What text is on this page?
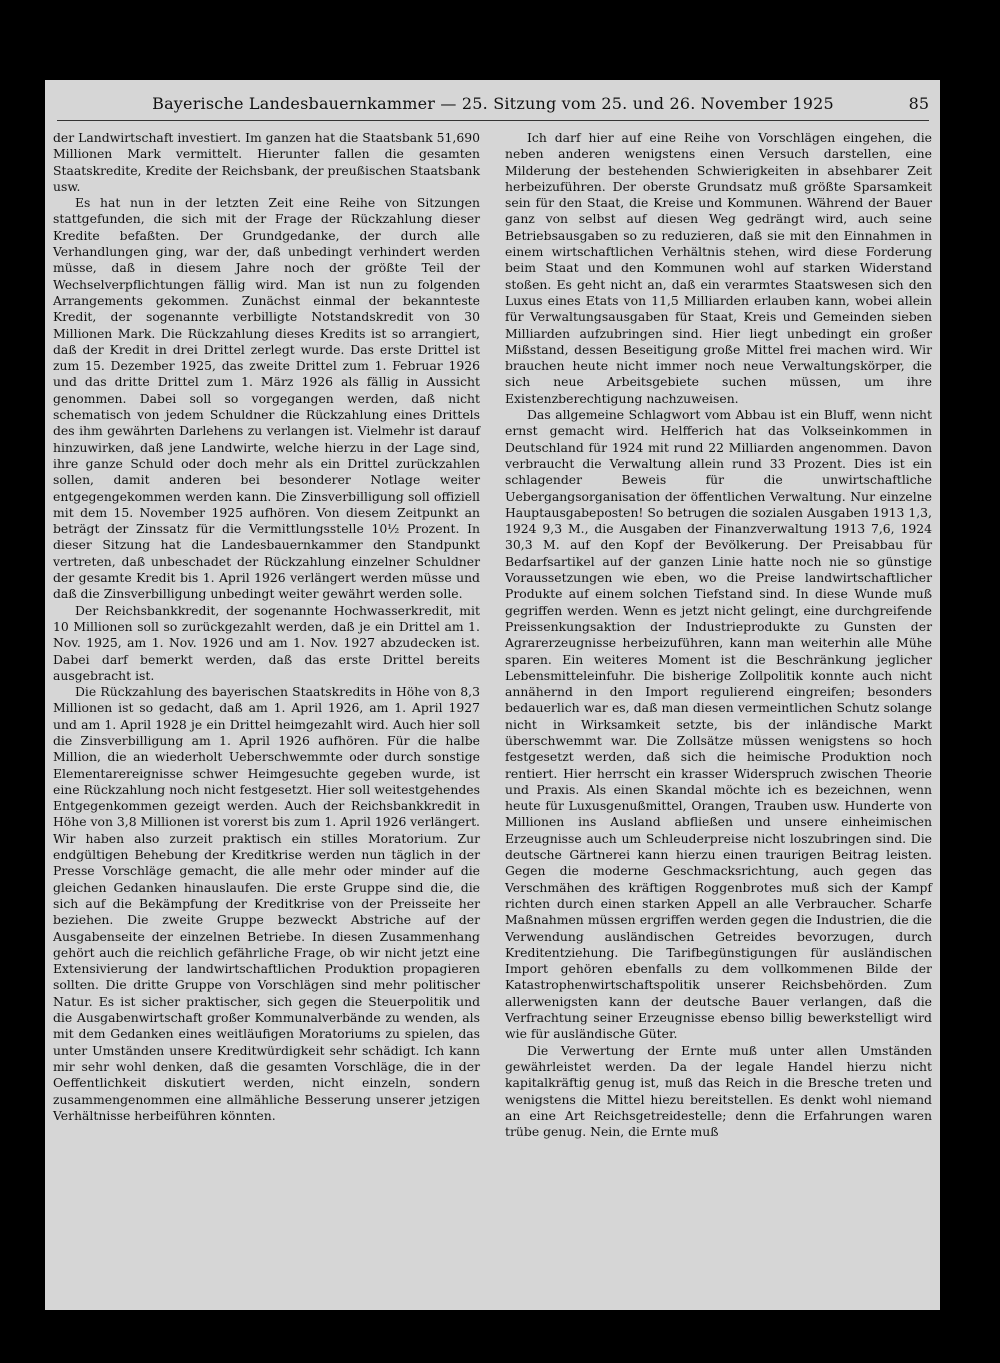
Bayerische Landesbauernkammer — 25. Sitzung vom 25. und 26. November 1925	85

der Landwirtschaft investiert. Im ganzen hat die Staatsbank 51,690 Millionen Mark vermittelt. Hierunter fallen die gesamten Staatskredite, Kredite der Reichsbank, der preußischen Staatsbank usw.

Es hat nun in der letzten Zeit eine Reihe von Sitzungen stattgefunden, die sich mit der Frage der Rückzahlung dieser Kredite befaßten. Der Grundgedanke, der durch alle Verhandlungen ging, war der, daß unbedingt verhindert werden müsse, daß in diesem Jahre noch der größte Teil der Wechselverpflichtungen fällig wird. Man ist nun zu folgenden Arrangements gekommen. Zunächst einmal der bekannteste Kredit, der sogenannte verbilligte Notstandskredit von 30 Millionen Mark. Die Rückzahlung dieses Kredits ist so arrangiert, daß der Kredit in drei Drittel zerlegt wurde. Das erste Drittel ist zum 15. Dezember 1925, das zweite Drittel zum 1. Februar 1926 und das dritte Drittel zum 1. März 1926 als fällig in Aussicht genommen. Dabei soll so vorgegangen werden, daß nicht schematisch von jedem Schuldner die Rückzahlung eines Drittels des ihm gewährten Darlehens zu verlangen ist. Vielmehr ist darauf hinzuwirken, daß jene Landwirte, welche hierzu in der Lage sind, ihre ganze Schuld oder doch mehr als ein Drittel zurückzahlen sollen, damit anderen bei besonderer Notlage weiter entgegengekommen werden kann. Die Zinsverbilligung soll offiziell mit dem 15. November 1925 aufhören. Von diesem Zeitpunkt an beträgt der Zinssatz für die Vermittlungsstelle 10½ Prozent. In dieser Sitzung hat die Landesbauernkammer den Standpunkt vertreten, daß unbeschadet der Rückzahlung einzelner Schuldner der gesamte Kredit bis 1. April 1926 verlängert werden müsse und daß die Zinsverbilligung unbedingt weiter gewährt werden solle.

Der Reichsbankkredit, der sogenannte Hochwasserkredit, mit 10 Millionen soll so zurückgezahlt werden, daß je ein Drittel am 1. Nov. 1925, am 1. Nov. 1926 und am 1. Nov. 1927 abzudecken ist. Dabei darf bemerkt werden, daß das erste Drittel bereits ausgebracht ist.

Die Rückzahlung des bayerischen Staatskredits in Höhe von 8,3 Millionen ist so gedacht, daß am 1. April 1926, am 1. April 1927 und am 1. April 1928 je ein Drittel heimgezahlt wird. Auch hier soll die Zinsverbilligung am 1. April 1926 aufhören. Für die halbe Million, die an wiederholt Ueberschwemmte oder durch sonstige Elementarereignisse schwer Heimgesuchte gegeben wurde, ist eine Rückzahlung noch nicht festgesetzt. Hier soll weitestgehendes Entgegenkommen gezeigt werden. Auch der Reichsbankkredit in Höhe von 3,8 Millionen ist vorerst bis zum 1. April 1926 verlängert. Wir haben also zurzeit praktisch ein stilles Moratorium. Zur endgültigen Behebung der Kreditkrise werden nun täglich in der Presse Vorschläge gemacht, die alle mehr oder minder auf die gleichen Gedanken hinauslaufen. Die erste Gruppe sind die, die sich auf die Bekämpfung der Kreditkrise von der Preisseite her beziehen. Die zweite Gruppe bezweckt Abstriche auf der Ausgabenseite der einzelnen Betriebe. In diesen Zusammenhang gehört auch die reichlich gefährliche Frage, ob wir nicht jetzt eine Extensivierung der landwirtschaftlichen Produktion propagieren sollten. Die dritte Gruppe von Vorschlägen sind mehr politischer Natur. Es ist sicher praktischer, sich gegen die Steuerpolitik und die Ausgabenwirtschaft großer Kommunalverbände zu wenden, als mit dem Gedanken eines weitläufigen Moratoriums zu spielen, das unter Umständen unsere Kreditwürdigkeit sehr schädigt. Ich kann mir sehr wohl denken, daß die gesamten Vorschläge, die in der Oeffentlichkeit diskutiert werden, nicht einzeln, sondern zusammengenommen eine allmähliche Besserung unserer jetzigen Verhältnisse herbeiführen könnten.

Ich darf hier auf eine Reihe von Vorschlägen eingehen, die neben anderen wenigstens einen Versuch darstellen, eine Milderung der bestehenden Schwierigkeiten in absehbarer Zeit herbeizuführen. Der oberste Grundsatz muß größte Sparsamkeit sein für den Staat, die Kreise und Kommunen. Während der Bauer ganz von selbst auf diesen Weg gedrängt wird, auch seine Betriebsausgaben so zu reduzieren, daß sie mit den Einnahmen in einem wirtschaftlichen Verhältnis stehen, wird diese Forderung beim Staat und den Kommunen wohl auf starken Widerstand stoßen. Es geht nicht an, daß ein verarmtes Staatswesen sich den Luxus eines Etats von 11,5 Milliarden erlauben kann, wobei allein für Verwaltungsausgaben für Staat, Kreis und Gemeinden sieben Milliarden aufzubringen sind. Hier liegt unbedingt ein großer Mißstand, dessen Beseitigung große Mittel frei machen wird. Wir brauchen heute nicht immer noch neue Verwaltungskörper, die sich neue Arbeitsgebiete suchen müssen, um ihre Existenzberechtigung nachzuweisen.

Das allgemeine Schlagwort vom Abbau ist ein Bluff, wenn nicht ernst gemacht wird. Helfferich hat das Volkseinkommen in Deutschland für 1924 mit rund 22 Milliarden angenommen. Davon verbraucht die Verwaltung allein rund 33 Prozent. Dies ist ein schlagender Beweis für die unwirtschaftliche Uebergangsorganisation der öffentlichen Verwaltung. Nur einzelne Hauptausgabeposten! So betrugen die sozialen Ausgaben 1913 1,3, 1924 9,3 M., die Ausgaben der Finanzverwaltung 1913 7,6, 1924 30,3 M. auf den Kopf der Bevölkerung. Der Preisabbau für Bedarfsartikel auf der ganzen Linie hatte noch nie so günstige Voraussetzungen wie eben, wo die Preise landwirtschaftlicher Produkte auf einem solchen Tiefstand sind. In diese Wunde muß gegriffen werden. Wenn es jetzt nicht gelingt, eine durchgreifende Preissenkungsaktion der Industrieprodukte zu Gunsten der Agrarerzeugnisse herbeizuführen, kann man weiterhin alle Mühe sparen. Ein weiteres Moment ist die Beschränkung jeglicher Lebensmitteleinfuhr. Die bisherige Zollpolitik konnte auch nicht annähernd in den Import regulierend eingreifen; besonders bedauerlich war es, daß man diesen vermeintlichen Schutz solange nicht in Wirksamkeit setzte, bis der inländische Markt überschwemmt war. Die Zollsätze müssen wenigstens so hoch festgesetzt werden, daß sich die heimische Produktion noch rentiert. Hier herrscht ein krasser Widerspruch zwischen Theorie und Praxis. Als einen Skandal möchte ich es bezeichnen, wenn heute für Luxusgenußmittel, Orangen, Trauben usw. Hunderte von Millionen ins Ausland abfließen und unsere einheimischen Erzeugnisse auch um Schleuderpreise nicht loszubringen sind. Die deutsche Gärtnerei kann hierzu einen traurigen Beitrag leisten. Gegen die moderne Geschmacksrichtung, auch gegen das Verschmähen des kräftigen Roggenbrotes muß sich der Kampf richten durch einen starken Appell an alle Verbraucher. Scharfe Maßnahmen müssen ergriffen werden gegen die Industrien, die die Verwendung ausländischen Getreides bevorzugen, durch Kreditentziehung. Die Tarifbegünstigungen für ausländischen Import gehören ebenfalls zu dem vollkommenen Bilde der Katastrophenwirtschaftspolitik unserer Reichsbehörden. Zum allerwenigsten kann der deutsche Bauer verlangen, daß die Verfrachtung seiner Erzeugnisse ebenso billig bewerkstelligt wird wie für ausländische Güter.

Die Verwertung der Ernte muß unter allen Umständen gewährleistet werden. Da der legale Handel hierzu nicht kapitalkräftig genug ist, muß das Reich in die Bresche treten und wenigstens die Mittel hiezu bereitstellen. Es denkt wohl niemand an eine Art Reichsgetreidestelle; denn die Erfahrungen waren trübe genug. Nein, die Ernte muß
